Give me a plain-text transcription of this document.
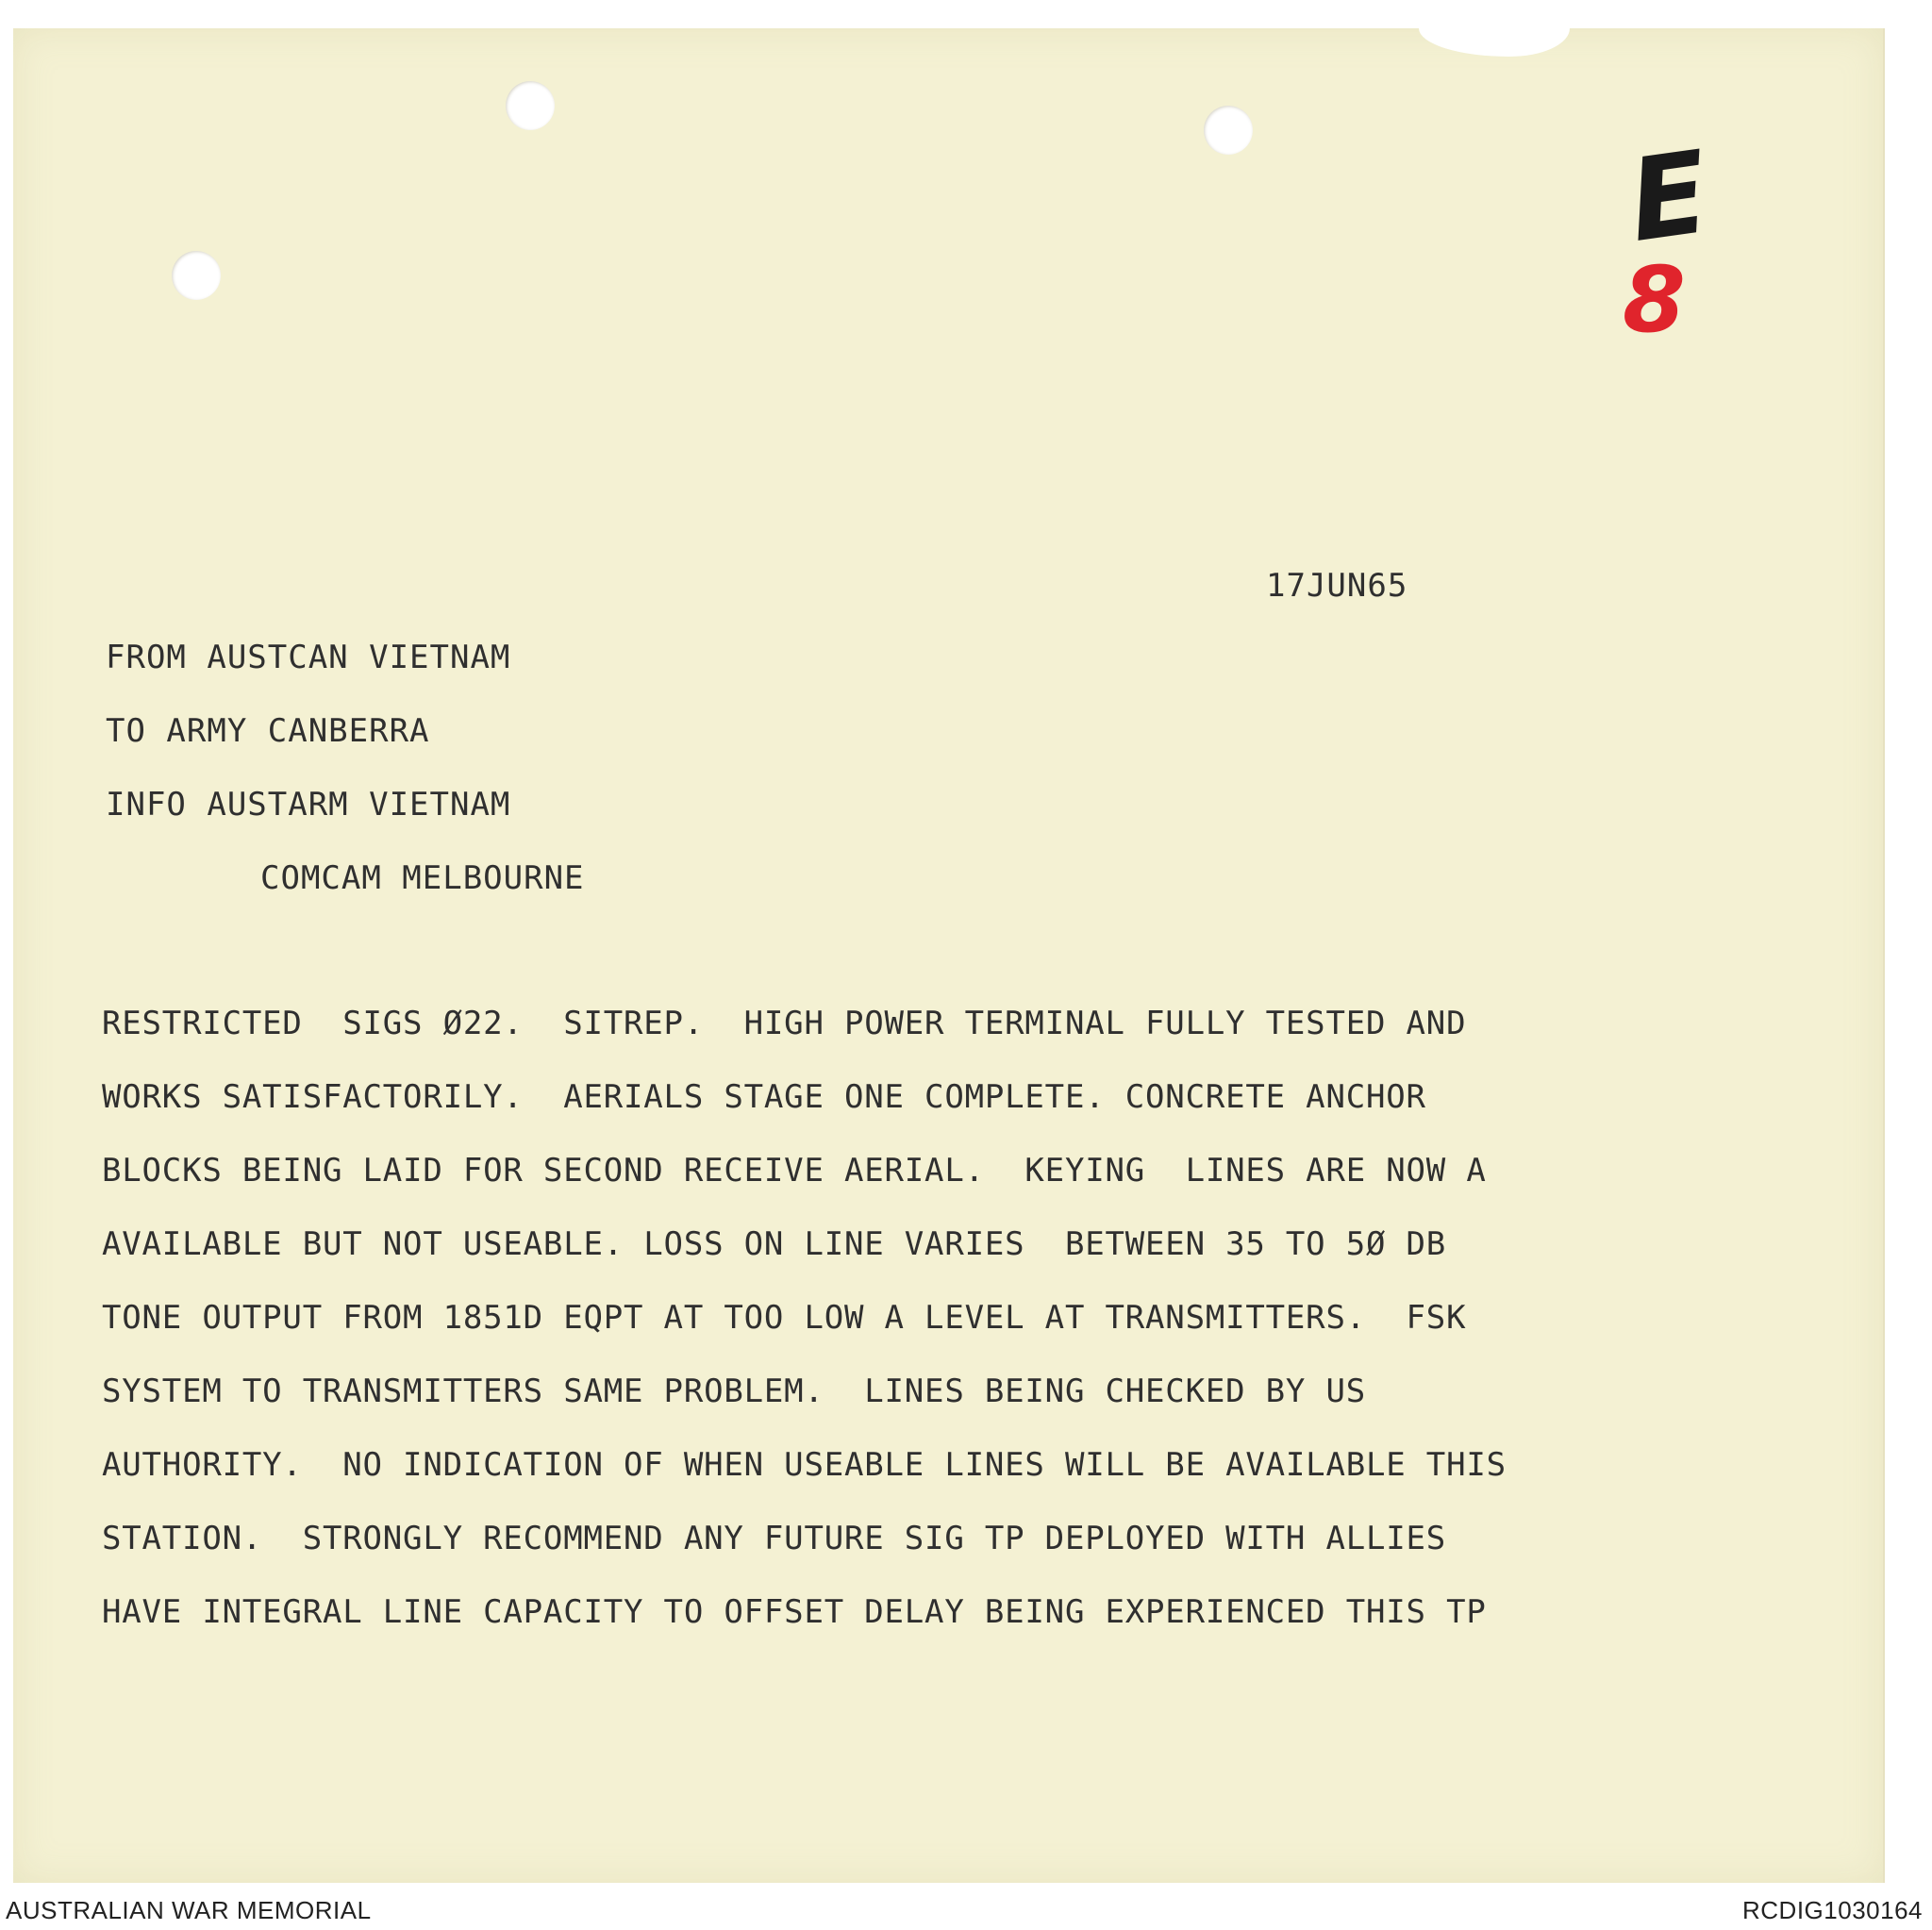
E
8
17JUN65
FROM AUSTCAN VIETNAM
TO ARMY CANBERRA
INFO AUSTARM VIETNAM
COMCAM MELBOURNE
RESTRICTED  SIGS Ø22.  SITREP.  HIGH POWER TERMINAL FULLY TESTED AND
WORKS SATISFACTORILY.  AERIALS STAGE ONE COMPLETE. CONCRETE ANCHOR
BLOCKS BEING LAID FOR SECOND RECEIVE AERIAL.  KEYING  LINES ARE NOW A
AVAILABLE BUT NOT USEABLE. LOSS ON LINE VARIES  BETWEEN 35 TO 5Ø DB
TONE OUTPUT FROM 1851D EQPT AT TOO LOW A LEVEL AT TRANSMITTERS.  FSK
SYSTEM TO TRANSMITTERS SAME PROBLEM.  LINES BEING CHECKED BY US
AUTHORITY.  NO INDICATION OF WHEN USEABLE LINES WILL BE AVAILABLE THIS
STATION.  STRONGLY RECOMMEND ANY FUTURE SIG TP DEPLOYED WITH ALLIES
HAVE INTEGRAL LINE CAPACITY TO OFFSET DELAY BEING EXPERIENCED THIS TP
AUSTRALIAN WAR MEMORIAL	RCDIG1030164
